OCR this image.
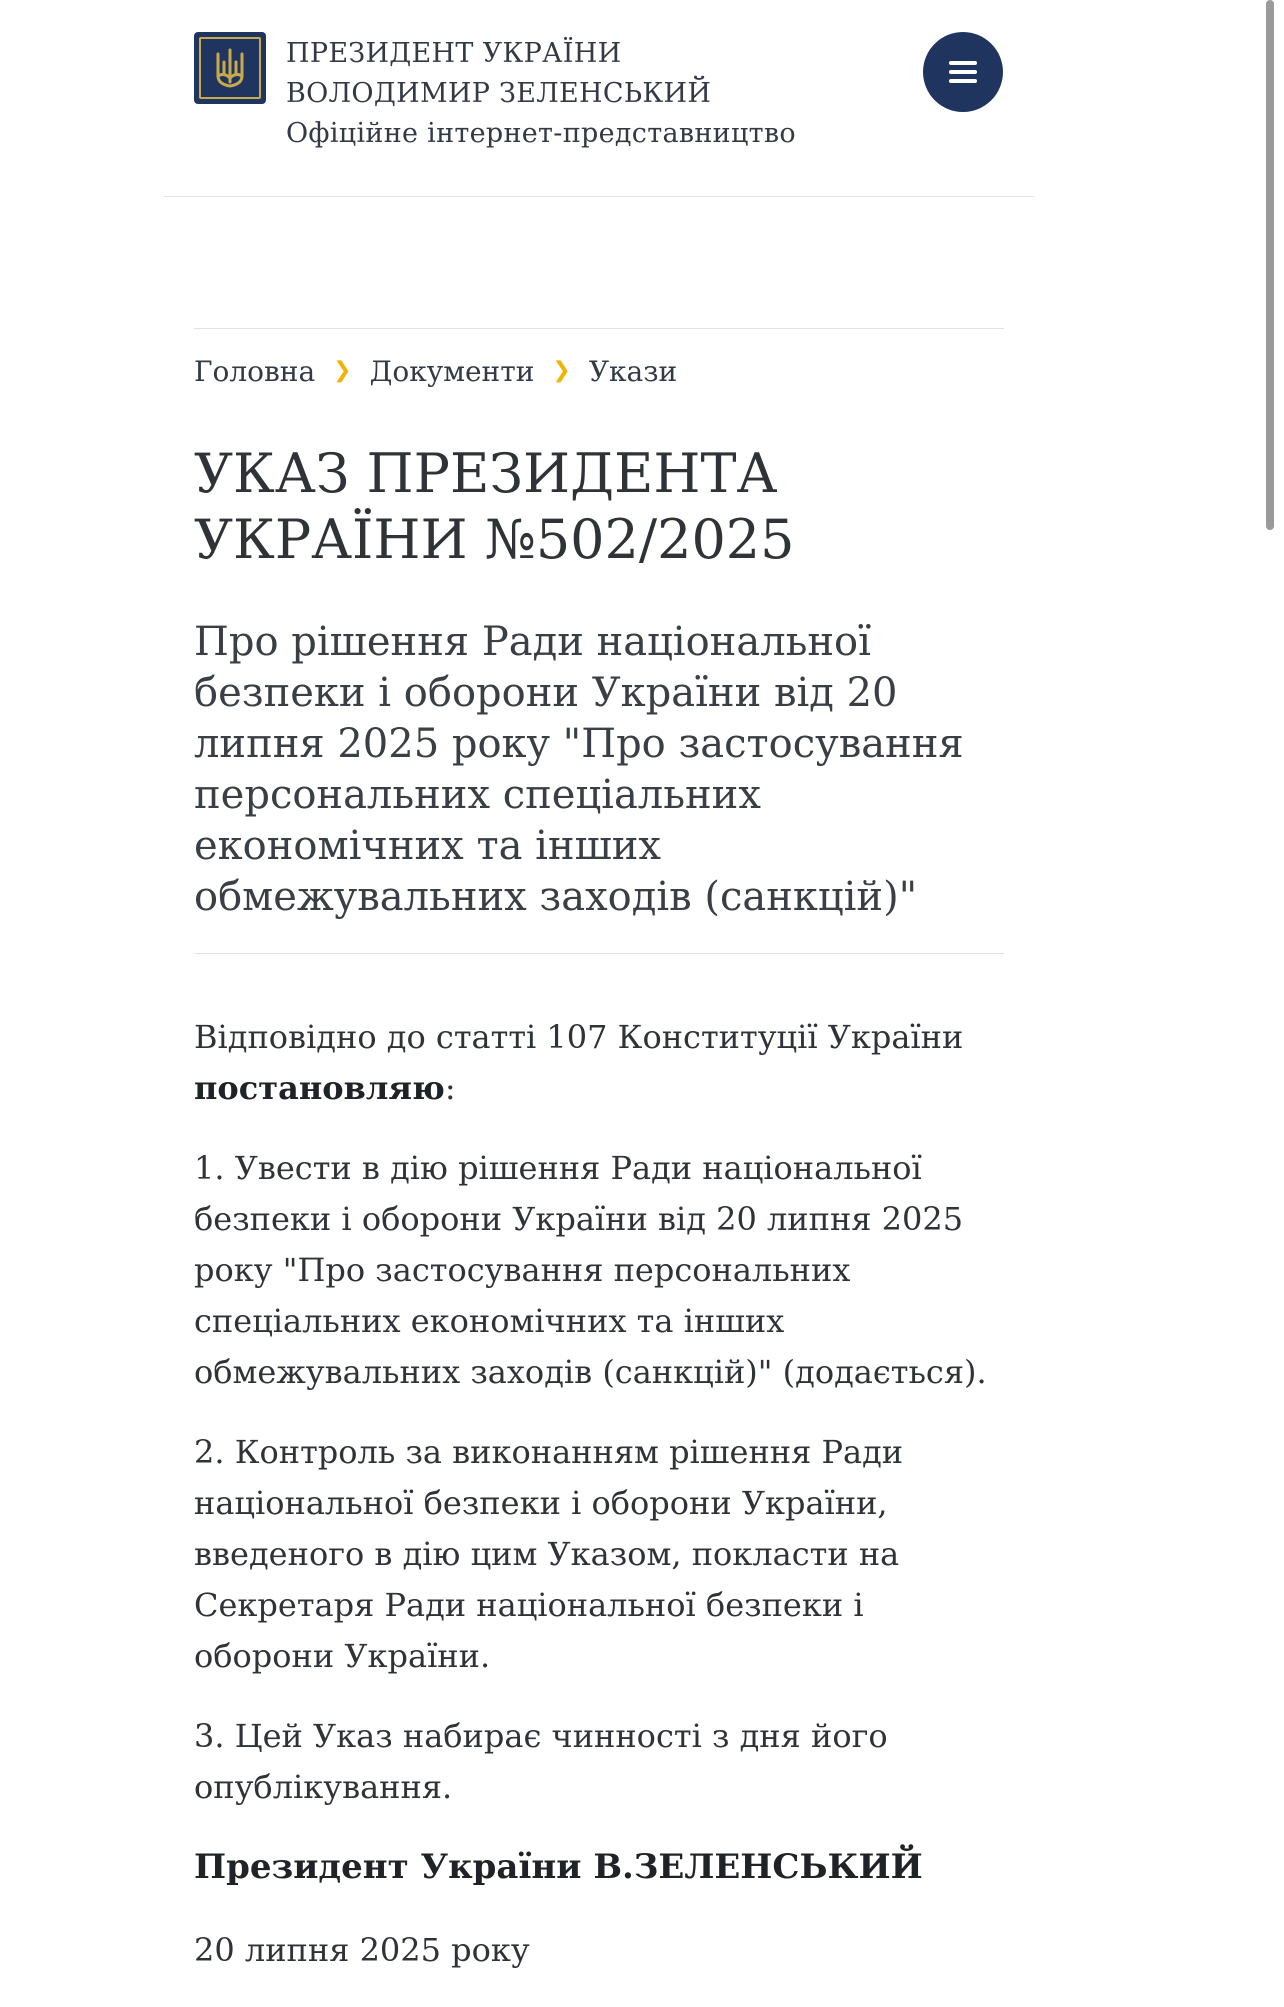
ПРЕЗИДЕНТ УКРАЇНИ
ВОЛОДИМИР ЗЕЛЕНСЬКИЙ
Офіційне інтернет-представництво
Головна ❯ Документи ❯ Укази
УКАЗ ПРЕЗИДЕНТА УКРАЇНИ №502/2025
Про рішення Ради національної безпеки і оборони України від 20 липня 2025 року "Про застосування персональних спеціальних економічних та інших обмежувальних заходів (санкцій)"

Відповідно до статті 107 Конституції України постановляю:

1. Увести в дію рішення Ради національної безпеки і оборони України від 20 липня 2025 року "Про застосування персональних спеціальних економічних та інших обмежувальних заходів (санкцій)" (додається).

2. Контроль за виконанням рішення Ради національної безпеки і оборони України, введеного в дію цим Указом, покласти на Секретаря Ради національної безпеки і оборони України.

3. Цей Указ набирає чинності з дня його опублікування.

Президент України В.ЗЕЛЕНСЬКИЙ
20 липня 2025 року
